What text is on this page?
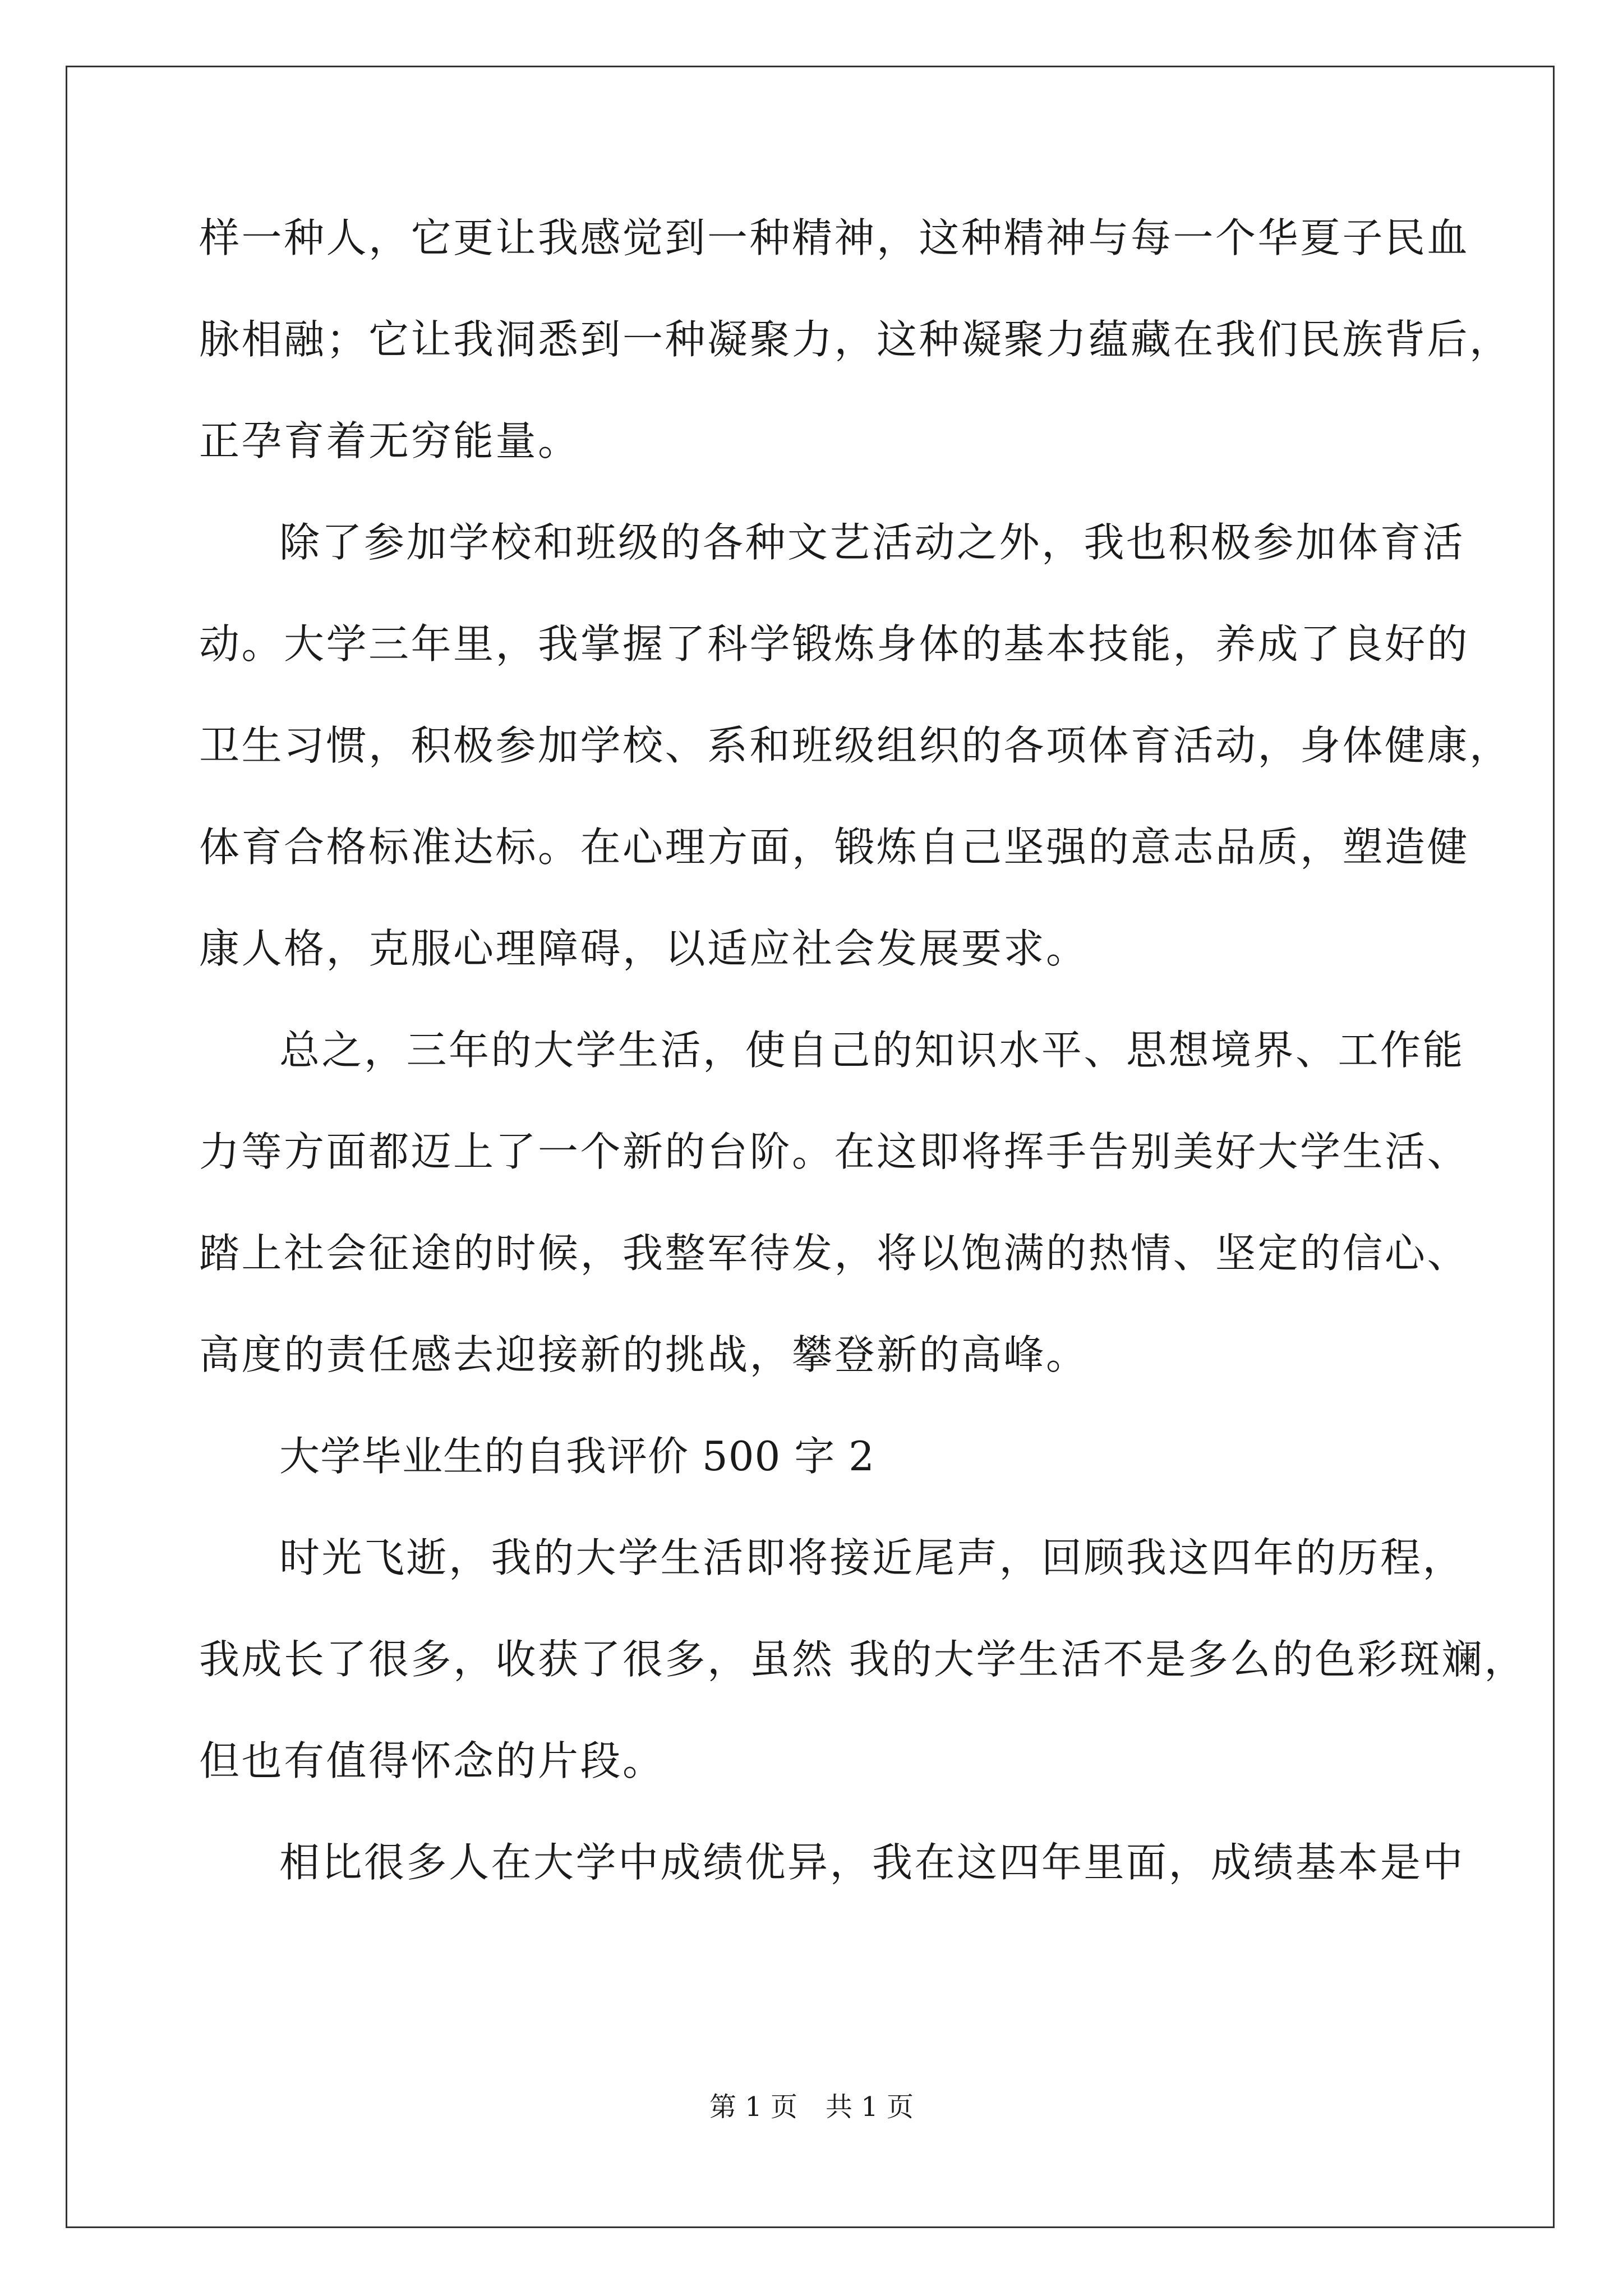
样一种人，它更让我感觉到一种精神，这种精神与每一个华夏子民血
脉相融；它让我洞悉到一种凝聚力，这种凝聚力蕴藏在我们民族背后，
正孕育着无穷能量。
除了参加学校和班级的各种文艺活动之外，我也积极参加体育活
动。大学三年里，我掌握了科学锻炼身体的基本技能，养成了良好的
卫生习惯，积极参加学校、系和班级组织的各项体育活动，身体健康，
体育合格标准达标。在心理方面，锻炼自己坚强的意志品质，塑造健
康人格，克服心理障碍，以适应社会发展要求。
总之，三年的大学生活，使自己的知识水平、思想境界、工作能
力等方面都迈上了一个新的台阶。在这即将挥手告别美好大学生活、
踏上社会征途的时候，我整军待发，将以饱满的热情、坚定的信心、
高度的责任感去迎接新的挑战，攀登新的高峰。
大学毕业生的自我评价 500 字 2
时光飞逝，我的大学生活即将接近尾声，回顾我这四年的历程，
我成长了很多，收获了很多，虽然 我的大学生活不是多么的色彩斑斓，
但也有值得怀念的片段。
相比很多人在大学中成绩优异，我在这四年里面，成绩基本是中
第 1 页 共 1 页
